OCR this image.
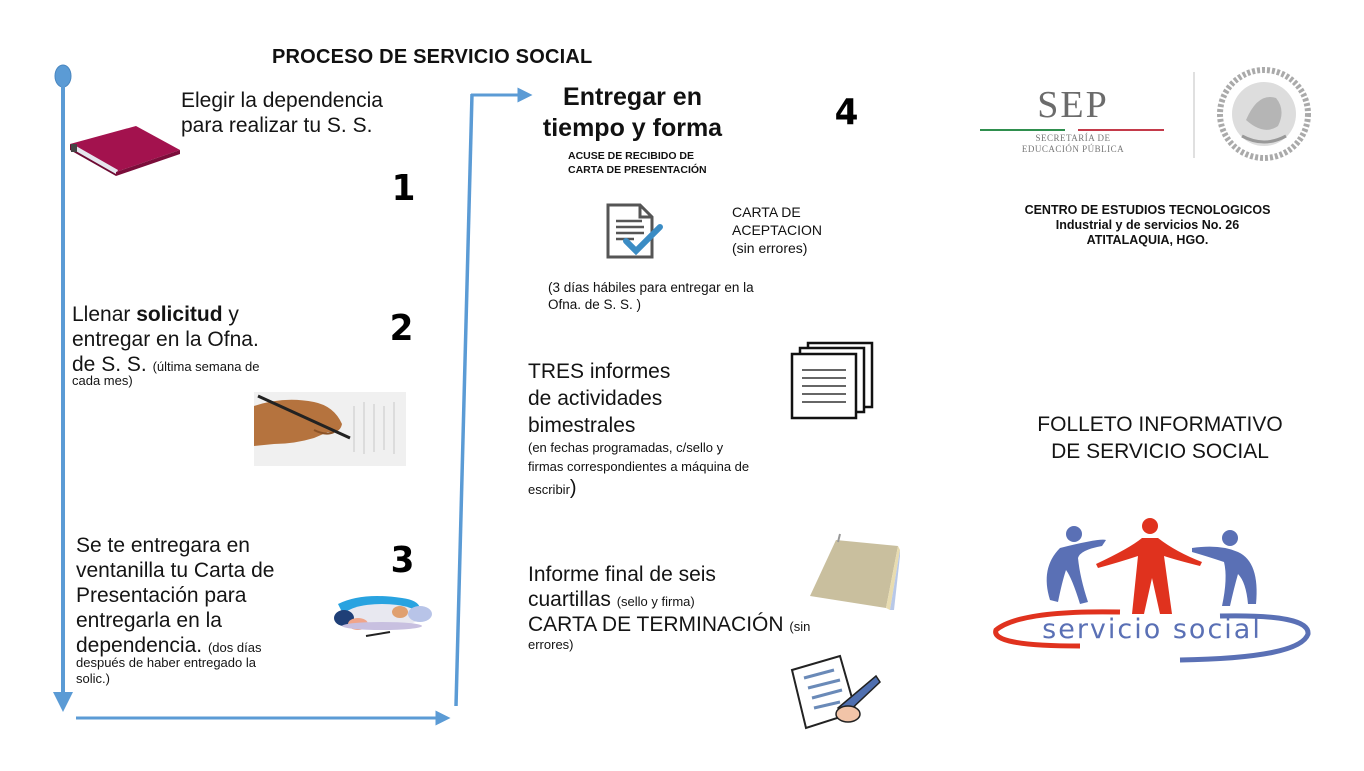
PROCESO DE SERVICIO SOCIAL
Elegir la dependencia
para realizar tu S. S.
1
Llenar solicitud y
entregar en la Ofna.
de S. S. (última semana de
cada mes)
2
Se te entregara en
ventanilla tu Carta de
Presentación para
entregarla en la
dependencia. (dos días
después de haber entregado la
solic.)
3
Entregar en
tiempo y forma
ACUSE DE RECIBIDO DE
CARTA DE PRESENTACIÓN
4
CARTA DE
ACEPTACION
(sin errores)
(3 días hábiles para entregar en la
Ofna. de S. S. )
TRES informes
de actividades
bimestrales
(en fechas programadas, c/sello y
firmas correspondientes a máquina de
escribir)
Informe final de seis
cuartillas (sello y firma)
CARTA DE TERMINACIÓN (sin
errores)
SEP
SECRETARÍA DE
EDUCACIÓN PÚBLICA
CENTRO DE ESTUDIOS TECNOLOGICOS
Industrial y de servicios No. 26
ATITALAQUIA, HGO.
FOLLETO INFORMATIVO
DE SERVICIO SOCIAL
servicio social
